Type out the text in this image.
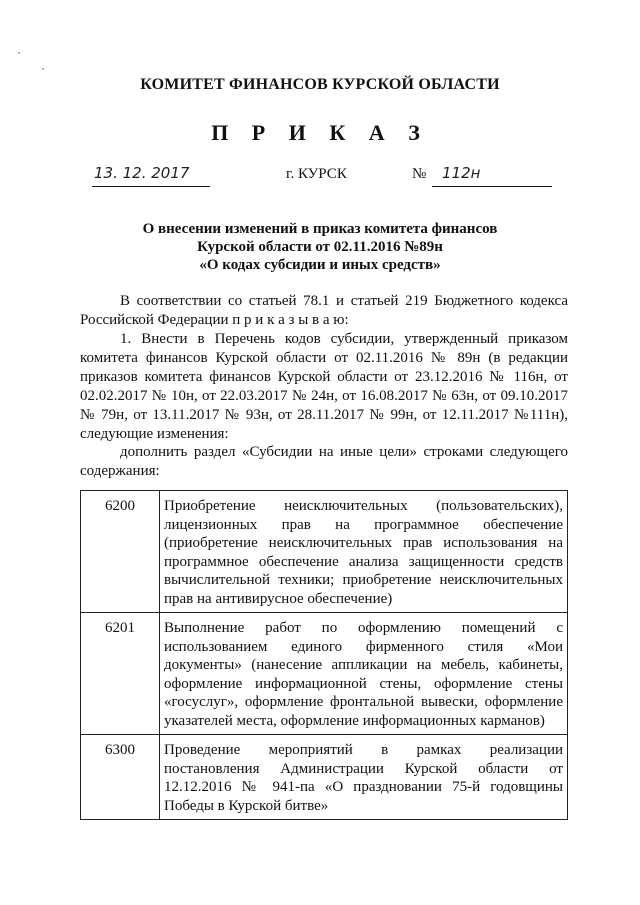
КОМИТЕТ ФИНАНСОВ КУРСКОЙ ОБЛАСТИ
П Р И К А З
13. 12. 2017	г. КУРСК	№ 112н
О внесении изменений в приказ комитета финансов
Курской области от 02.11.2016 №89н
«О кодах субсидии и иных средств»
В соответствии со статьей 78.1 и статьей 219 Бюджетного кодекса Российской Федерации п р и к а з ы в а ю:
1. Внести в Перечень кодов субсидии, утвержденный приказом комитета финансов Курской области от 02.11.2016 № 89н (в редакции приказов комитета финансов Курской области от 23.12.2016 № 116н, от 02.02.2017 № 10н, от 22.03.2017 № 24н, от 16.08.2017 № 63н, от 09.10.2017 № 79н, от 13.11.2017 № 93н, от 28.11.2017 № 99н, от 12.11.2017 №111н), следующие изменения:
дополнить раздел «Субсидии на иные цели» строками следующего содержания:
6200	Приобретение неисключительных (пользовательских), лицензионных прав на программное обеспечение (приобретение неисключительных прав использования на программное обеспечение анализа защищенности средств вычислительной техники; приобретение неисключительных прав на антивирусное обеспечение)
6201	Выполнение работ по оформлению помещений с использованием единого фирменного стиля «Мои документы» (нанесение аппликации на мебель, кабинеты, оформление информационной стены, оформление стены «госуслуг», оформление фронтальной вывески, оформление указателей места, оформление информационных карманов)
6300	Проведение мероприятий в рамках реализации постановления Администрации Курской области от 12.12.2016 № 941-па «О праздновании 75-й годовщины Победы в Курской битве»
